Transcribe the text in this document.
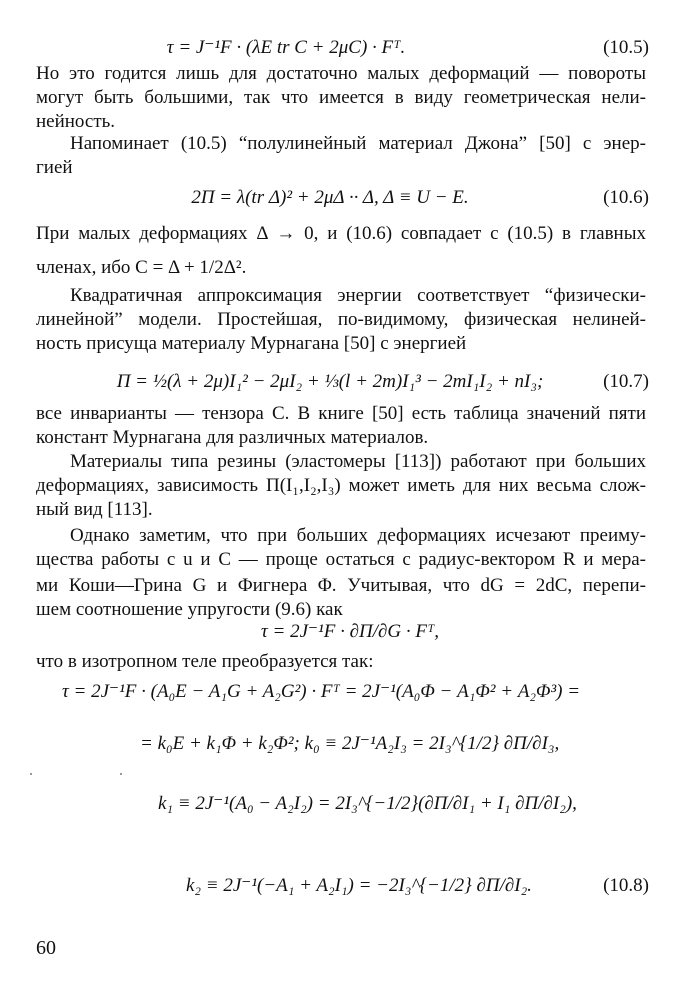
τ = J⁻¹F · (λE tr C + 2μC) · Fᵀ.	(10.5)
Но это годится лишь для достаточно малых деформаций — повороты
могут быть большими, так что имеется в виду геометрическая нели-
нейность.
Напоминает (10.5) “полулинейный материал Джона” [50] с энер-
гией
2Π = λ(tr Δ)² + 2μΔ ·· Δ, Δ ≡ U − E.	(10.6)
При малых деформациях Δ → 0, и (10.6) совпадает с (10.5) в главных
членах, ибо C = Δ + 1/2Δ².
Квадратичная аппроксимация энергии соответствует “физически-
линейной” модели. Простейшая, по-видимому, физическая нелиней-
ность присуща материалу Мурнагана [50] с энергией
Π = ½(λ + 2μ)I₁² − 2μI₂ + ⅓(l + 2m)I₁³ − 2mI₁I₂ + nI₃;	(10.7)
все инварианты — тензора C. В книге [50] есть таблица значений пяти
констант Мурнагана для различных материалов.
Материалы типа резины (эластомеры [113]) работают при больших
деформациях, зависимость Π(I₁,I₂,I₃) может иметь для них весьма слож-
ный вид [113].
Однако заметим, что при больших деформациях исчезают преиму-
щества работы с u и C — проще остаться с радиус-вектором R и мера-
ми Коши—Грина G и Фигнера Φ. Учитывая, что dG = 2dC, перепи-
шем соотношение упругости (9.6) как
τ = 2J⁻¹F · ∂Π/∂G · Fᵀ,
что в изотропном теле преобразуется так:
τ = 2J⁻¹F · (A₀E − A₁G + A₂G²) · Fᵀ = 2J⁻¹(A₀Φ − A₁Φ² + A₂Φ³) =
= k₀E + k₁Φ + k₂Φ²; k₀ ≡ 2J⁻¹A₂I₃ = 2I₃^{1/2} ∂Π/∂I₃,
k₁ ≡ 2J⁻¹(A₀ − A₂I₂) = 2I₃^{−1/2}(∂Π/∂I₁ + I₁ ∂Π/∂I₂),
k₂ ≡ 2J⁻¹(−A₁ + A₂I₁) = −2I₃^{−1/2} ∂Π/∂I₂.	(10.8)
60
